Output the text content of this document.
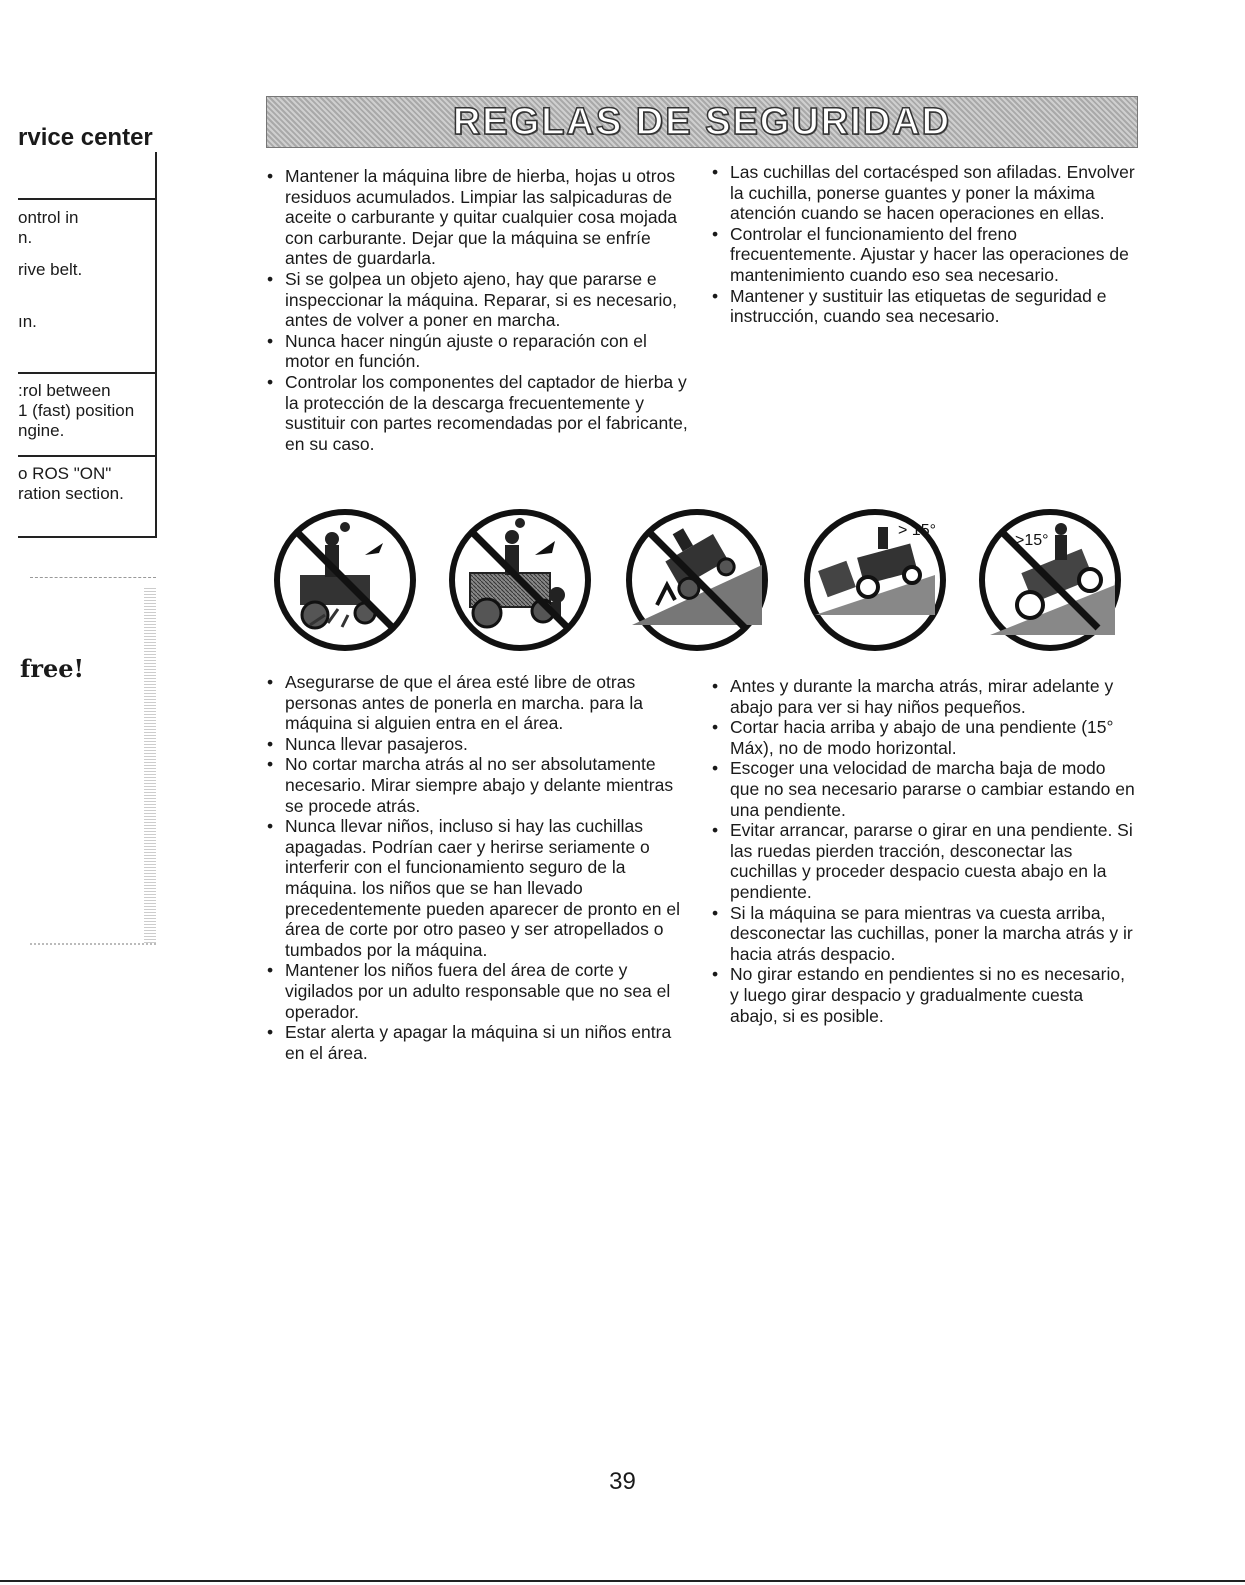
rvice center
ontrol in
n.
rive belt.
ın.
:rol between
1 (fast) position
ngine.
o ROS "ON"
ration section.
free!
REGLAS DE SEGURIDAD
• Mantener la máquina libre de hierba, hojas u otros residuos acumulados. Limpiar las salpicaduras de aceite o carburante y quitar cualquier cosa mojada con carburante. Dejar que la máquina se enfríe antes de guardarla.
• Si se golpea un objeto ajeno, hay que pararse e inspeccionar la máquina. Reparar, si es necesario, antes de volver a poner en marcha.
• Nunca hacer ningún ajuste o reparación con el motor en función.
• Controlar los componentes del captador de hierba y la protección de la descarga frecuentemente y sustituir con partes recomendadas por el fabricante, en su caso.
• Las cuchillas del cortacésped son afiladas. Envolver la cuchilla, ponerse guantes y poner la máxima atención cuando se hacen operaciones en ellas.
• Controlar el funcionamiento del freno frecuentemente. Ajustar y hacer las operaciones de mantenimiento cuando eso sea necesario.
• Mantener y sustituir las etiquetas de seguridad e instrucción, cuando sea necesario.
> 15°
>15°
• Asegurarse de que el área esté libre de otras personas antes de ponerla en marcha. para la máquina si alguien entra en el área.
• Nunca llevar pasajeros.
• No cortar marcha atrás al no ser absolutamente necesario. Mirar siempre abajo y delante mientras se procede atrás.
• Nunca llevar niños, incluso si hay las cuchillas apagadas. Podrían caer y herirse seriamente o interferir con el funcionamiento seguro de la máquina. los niños que se han llevado precedentemente pueden aparecer de pronto en el área de corte por otro paseo y ser atropellados o tumbados por la máquina.
• Mantener los niños fuera del área de corte y vigilados por un adulto responsable que no sea el operador.
• Estar alerta y apagar la máquina si un niños entra en el área.
• Antes y durante la marcha atrás, mirar adelante y abajo para ver si hay niños pequeños.
• Cortar hacia arriba y abajo de una pendiente (15° Máx), no de modo horizontal.
• Escoger una velocidad de marcha baja de modo que no sea necesario pararse o cambiar estando en una pendiente.
• Evitar arrancar, pararse o girar en una pendiente. Si las ruedas pierden tracción, desconectar las cuchillas y proceder despacio cuesta abajo en la pendiente.
• Si la máquina se para mientras va cuesta arriba, desconectar las cuchillas, poner la marcha atrás y ir hacia atrás despacio.
• No girar estando en pendientes si no es necesario, y luego girar despacio y gradualmente cuesta abajo, si es posible.
39
